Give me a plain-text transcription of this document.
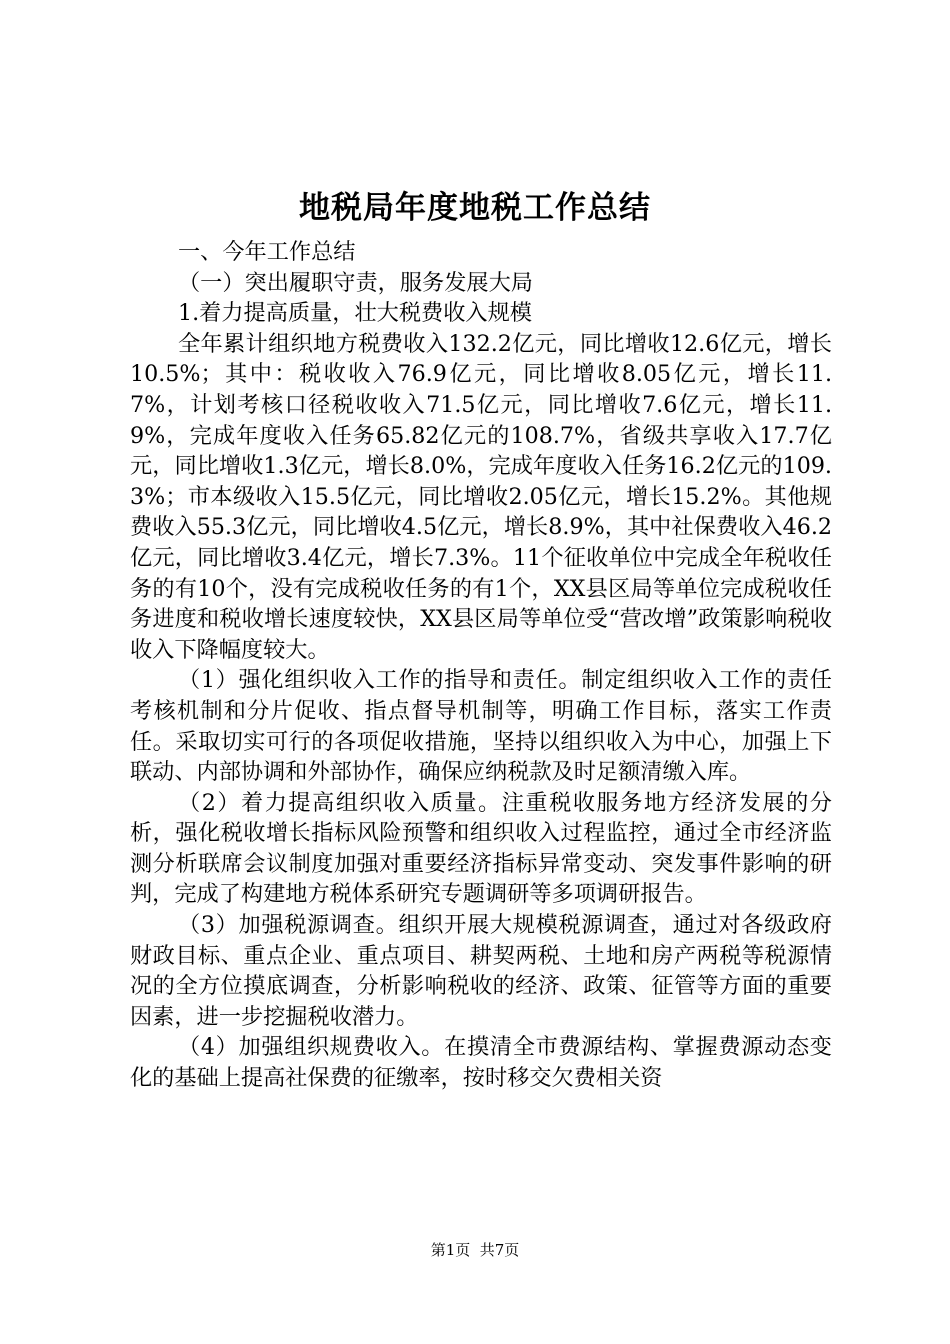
地税局年度地税工作总结

一、今年工作总结

（一）突出履职守责，服务发展大局

1.着力提高质量，壮大税费收入规模

全年累计组织地方税费收入132.2亿元，同比增收12.6亿元，增长10.5%；其中：税收收入76.9亿元，同比增收8.05亿元，增长11.7%，计划考核口径税收收入71.5亿元，同比增收7.6亿元，增长11.9%，完成年度收入任务65.82亿元的108.7%，省级共享收入17.7亿元，同比增收1.3亿元，增长8.0%，完成年度收入任务16.2亿元的109.3%；市本级收入15.5亿元，同比增收2.05亿元，增长15.2%。其他规费收入55.3亿元，同比增收4.5亿元，增长8.9%，其中社保费收入46.2亿元，同比增收3.4亿元，增长7.3%。11个征收单位中完成全年税收任务的有10个，没有完成税收任务的有1个，XX县区局等单位完成税收任务进度和税收增长速度较快，XX县区局等单位受“营改增”政策影响税收收入下降幅度较大。

（1）强化组织收入工作的指导和责任。制定组织收入工作的责任考核机制和分片促收、指点督导机制等，明确工作目标，落实工作责任。采取切实可行的各项促收措施，坚持以组织收入为中心，加强上下联动、内部协调和外部协作，确保应纳税款及时足额清缴入库。

（2）着力提高组织收入质量。注重税收服务地方经济发展的分析，强化税收增长指标风险预警和组织收入过程监控，通过全市经济监测分析联席会议制度加强对重要经济指标异常变动、突发事件影响的研判，完成了构建地方税体系研究专题调研等多项调研报告。

（3）加强税源调查。组织开展大规模税源调查，通过对各级政府财政目标、重点企业、重点项目、耕契两税、土地和房产两税等税源情况的全方位摸底调查，分析影响税收的经济、政策、征管等方面的重要因素，进一步挖掘税收潜力。

（4）加强组织规费收入。在摸清全市费源结构、掌握费源动态变化的基础上提高社保费的征缴率，按时移交欠费相关资

第1页  共7页
